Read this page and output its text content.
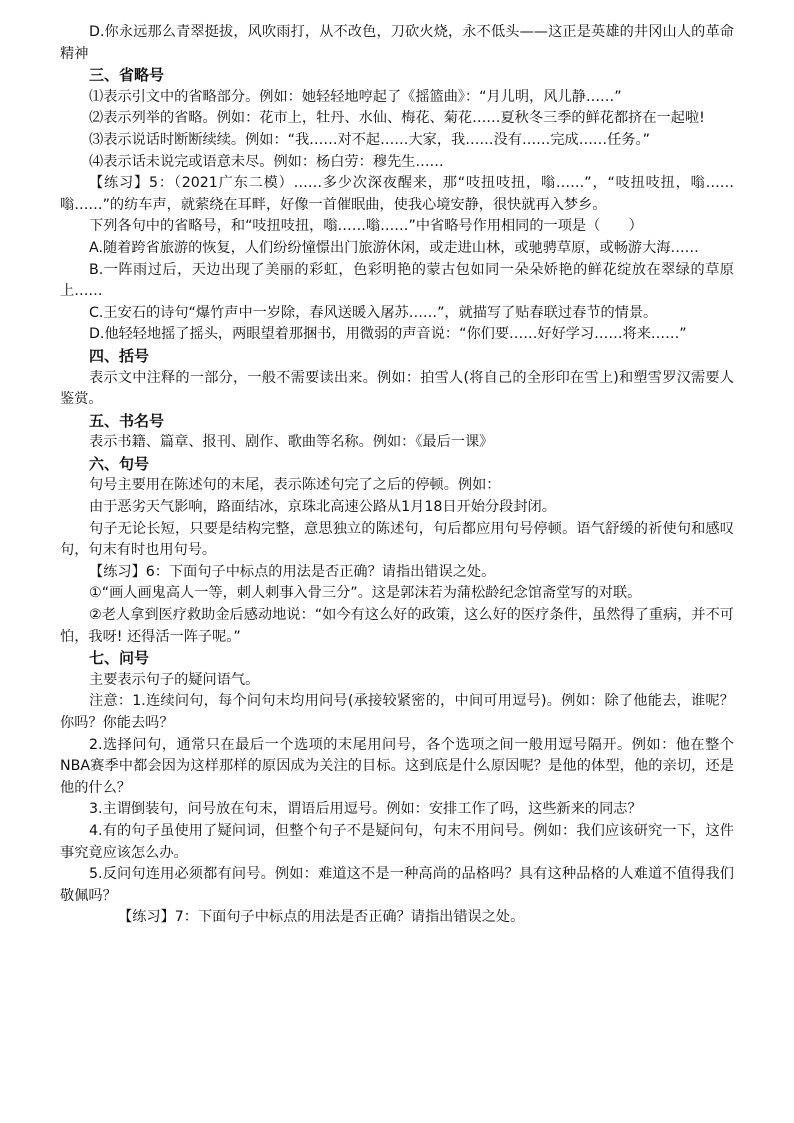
D.你永远那么青翠挺拔，风吹雨打，从不改色，刀砍火烧，永不低头——这正是英雄的井冈山人的革命精神

三、省略号

⑴表示引文中的省略部分。例如：她轻轻地哼起了《摇篮曲》：“月儿明，风儿静……”

⑵表示列举的省略。例如：花市上，牡丹、水仙、梅花、菊花……夏秋冬三季的鲜花都挤在一起啦!

⑶表示说话时断断续续。例如：“我……对不起……大家，我……没有……完成……任务。”

⑷表示话未说完或语意未尽。例如：杨白劳：穆先生……

【练习】5：（2021广东二模）……多少次深夜醒来，那“吱扭吱扭，嗡……”，“吱扭吱扭，嗡……嗡……”的纺车声，就萦绕在耳畔，好像一首催眠曲，使我心境安静，很快就再入梦乡。

下列各句中的省略号，和“吱扭吱扭，嗡……嗡……”中省略号作用相同的一项是（　　）

A.随着跨省旅游的恢复，人们纷纷憧憬出门旅游休闲，或走进山林，或驰骋草原，或畅游大海……

B.一阵雨过后，天边出现了美丽的彩虹，色彩明艳的蒙古包如同一朵朵娇艳的鲜花绽放在翠绿的草原上……

C.王安石的诗句“爆竹声中一岁除，春风送暖入屠苏……”，就描写了贴春联过春节的情景。

D.他轻轻地摇了摇头，两眼望着那捆书，用微弱的声音说：“你们要……好好学习……将来……”

四、括号

表示文中注释的一部分，一般不需要读出来。例如：拍雪人(将自己的全形印在雪上)和塑雪罗汉需要人鉴赏。

五、书名号

表示书籍、篇章、报刊、剧作、歌曲等名称。例如：《最后一课》

六、句号

句号主要用在陈述句的末尾，表示陈述句完了之后的停顿。例如：

由于恶劣天气影响，路面结冰，京珠北高速公路从1月18日开始分段封闭。

句子无论长短，只要是结构完整，意思独立的陈述句，句后都应用句号停顿。语气舒缓的祈使句和感叹句，句末有时也用句号。

【练习】6：下面句子中标点的用法是否正确？请指出错误之处。

①“画人画鬼高人一等，刺人刺事入骨三分”。这是郭沫若为蒲松龄纪念馆斋堂写的对联。

②老人拿到医疗救助金后感动地说：“如今有这么好的政策，这么好的医疗条件，虽然得了重病，并不可怕，我呀! 还得活一阵子呢。”

七、问号

主要表示句子的疑问语气。

注意：1.连续问句，每个问句末均用问号(承接较紧密的，中间可用逗号)。例如：除了他能去，谁呢？你吗？你能去吗？

2.选择问句，通常只在最后一个选项的末尾用问号，各个选项之间一般用逗号隔开。例如：他在整个NBA赛季中都会因为这样那样的原因成为关注的目标。这到底是什么原因呢？是他的体型，他的亲切，还是他的什么？

3.主谓倒装句，问号放在句末，谓语后用逗号。例如：安排工作了吗，这些新来的同志？

4.有的句子虽使用了疑问词，但整个句子不是疑问句，句末不用问号。例如：我们应该研究一下，这件事究竟应该怎么办。

5.反问句连用必须都有问号。例如：难道这不是一种高尚的品格吗？具有这种品格的人难道不值得我们敬佩吗？

【练习】7：下面句子中标点的用法是否正确？请指出错误之处。
